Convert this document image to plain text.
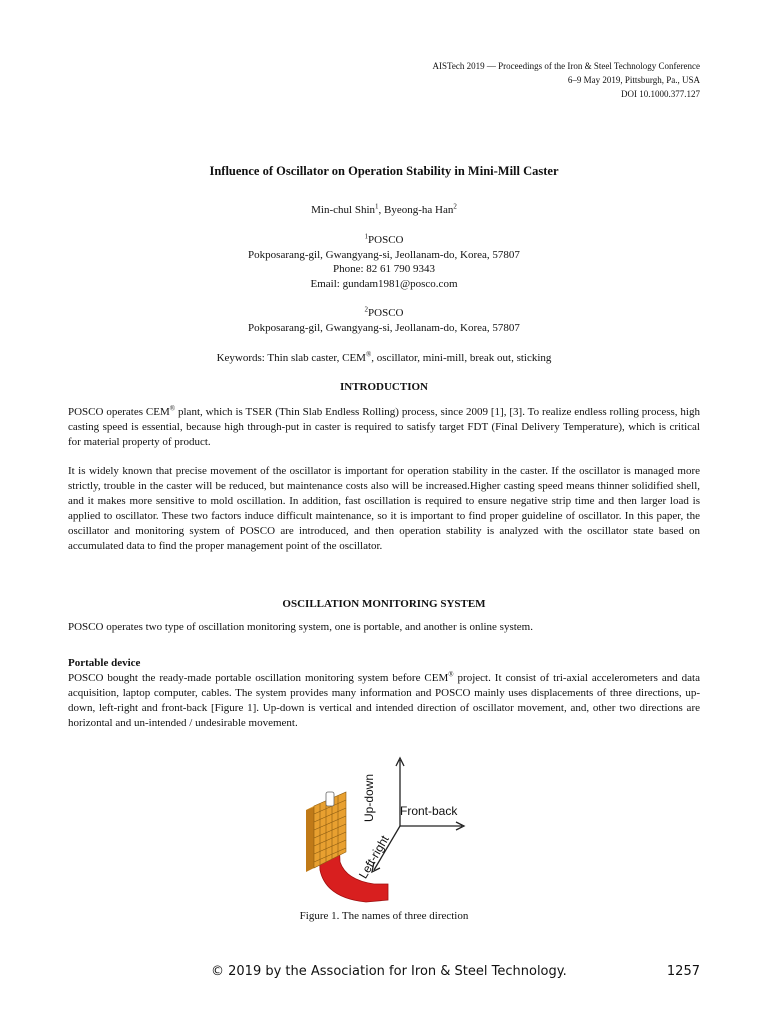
AISTech 2019 — Proceedings of the Iron & Steel Technology Conference
6–9 May 2019, Pittsburgh, Pa., USA
DOI 10.1000.377.127
Influence of Oscillator on Operation Stability in Mini-Mill Caster
Min-chul Shin$^1$, Byeong-ha Han$^2$
$^1$POSCO
Pokposarang-gil, Gwangyang-si, Jeollanam-do, Korea, 57807
Phone: 82 61 790 9343
Email: gundam1981@posco.com
$^2$POSCO
Pokposarang-gil, Gwangyang-si, Jeollanam-do, Korea, 57807
Keywords: Thin slab caster, CEM®, oscillator, mini-mill, break out, sticking
INTRODUCTION

POSCO operates CEM® plant, which is TSER (Thin Slab Endless Rolling) process, since 2009 [1], [3]. To realize endless rolling process, high casting speed is essential, because high through-put in caster is required to satisfy target FDT (Final Delivery Temperature), which is critical for material property of product.

It is widely known that precise movement of the oscillator is important for operation stability in the caster. If the oscillator is managed more strictly, trouble in the caster will be reduced, but maintenance costs also will be increased.Higher casting speed means thinner solidified shell, and it makes more sensitive to mold oscillation. In addition, fast oscillation is required to ensure negative strip time and then larger load is applied to oscillator. These two factors induce difficult maintenance, so it is important to find proper guideline of oscillator. In this paper, the oscillator and monitoring system of POSCO are introduced, and then operation stability is analyzed with the oscillator state based on accumulated data to find the proper management point of the oscillator.

OSCILLATION MONITORING SYSTEM

POSCO operates two type of oscillation monitoring system, one is portable, and another is online system.

Portable device

POSCO bought the ready-made portable oscillation monitoring system before CEM® project. It consist of tri-axial accelerometers and data acquisition, laptop computer, cables. The system provides many information and POSCO mainly uses displacements of three directions, up-down, left-right and front-back [Figure 1]. Up-down is vertical and intended direction of oscillator movement, and, other two directions are horizontal and un-intended / undesirable movement.

Up-down Front-back
Left-right
Figure 1. The names of three direction
© 2019 by the Association for Iron & Steel Technology.	1257
